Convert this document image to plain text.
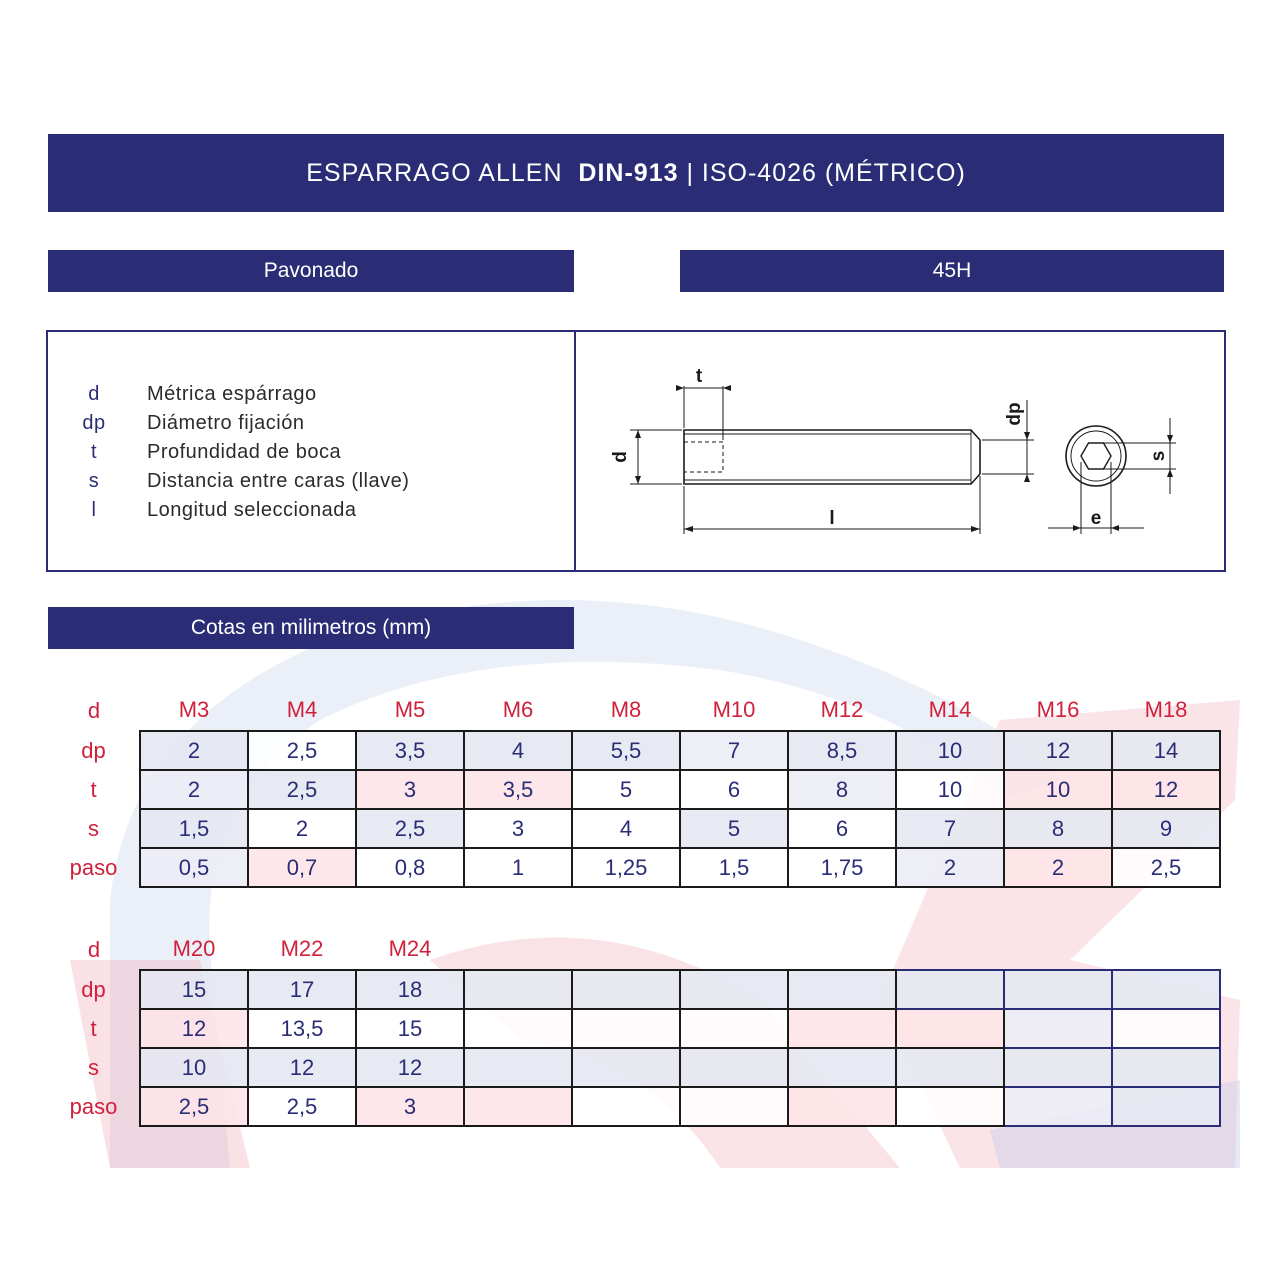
ESPARRAGO ALLEN DIN-913 | ISO-4026 (MÉTRICO)
Pavonado	45H
d	Métrica espárrago
dp	Diámetro fijación
t	Profundidad de boca
s	Distancia entre caras (llave)
l	Longitud seleccionada
t
d
dp
l
s
e
Cotas en milimetros (mm)
d	M3	M4	M5	M6	M8	M10	M12	M14	M16	M18
dp	2	2,5	3,5	4	5,5	7	8,5	10	12	14
t	2	2,5	3	3,5	5	6	8	10	10	12
s	1,5	2	2,5	3	4	5	6	7	8	9
paso	0,5	0,7	0,8	1	1,25	1,5	1,75	2	2	2,5
d	M20	M22	M24							
dp	15	17	18							
t	12	13,5	15							
s	10	12	12							
paso	2,5	2,5	3							
